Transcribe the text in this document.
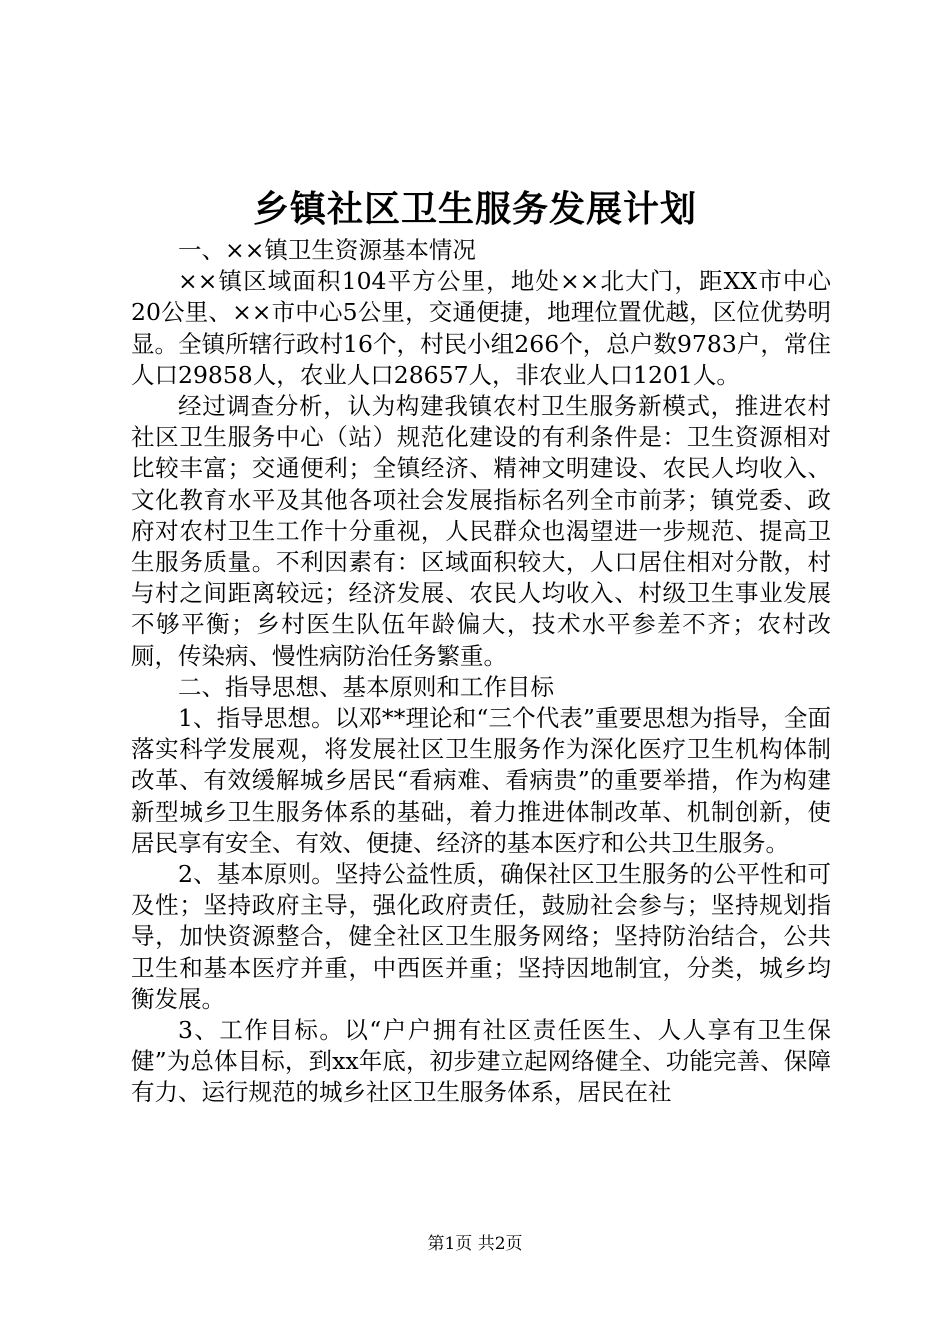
乡镇社区卫生服务发展计划

一、××镇卫生资源基本情况

××镇区域面积104平方公里，地处××北大门，距XX市中心20公里、××市中心5公里，交通便捷，地理位置优越，区位优势明显。全镇所辖行政村16个，村民小组266个，总户数9783户，常住人口29858人，农业人口28657人，非农业人口1201人。

经过调查分析，认为构建我镇农村卫生服务新模式，推进农村社区卫生服务中心（站）规范化建设的有利条件是：卫生资源相对比较丰富；交通便利；全镇经济、精神文明建设、农民人均收入、文化教育水平及其他各项社会发展指标名列全市前茅；镇党委、政府对农村卫生工作十分重视，人民群众也渴望进一步规范、提高卫生服务质量。不利因素有：区域面积较大，人口居住相对分散，村与村之间距离较远；经济发展、农民人均收入、村级卫生事业发展不够平衡；乡村医生队伍年龄偏大，技术水平参差不齐；农村改厕，传染病、慢性病防治任务繁重。

二、指导思想、基本原则和工作目标

1、指导思想。以邓**理论和“三个代表”重要思想为指导，全面落实科学发展观，将发展社区卫生服务作为深化医疗卫生机构体制改革、有效缓解城乡居民“看病难、看病贵”的重要举措，作为构建新型城乡卫生服务体系的基础，着力推进体制改革、机制创新，使居民享有安全、有效、便捷、经济的基本医疗和公共卫生服务。

2、基本原则。坚持公益性质，确保社区卫生服务的公平性和可及性；坚持政府主导，强化政府责任，鼓励社会参与；坚持规划指导，加快资源整合，健全社区卫生服务网络；坚持防治结合，公共卫生和基本医疗并重，中西医并重；坚持因地制宜，分类，城乡均衡发展。

3、工作目标。以“户户拥有社区责任医生、人人享有卫生保健”为总体目标，到xx年底，初步建立起网络健全、功能完善、保障有力、运行规范的城乡社区卫生服务体系，居民在社

第1页 共2页
